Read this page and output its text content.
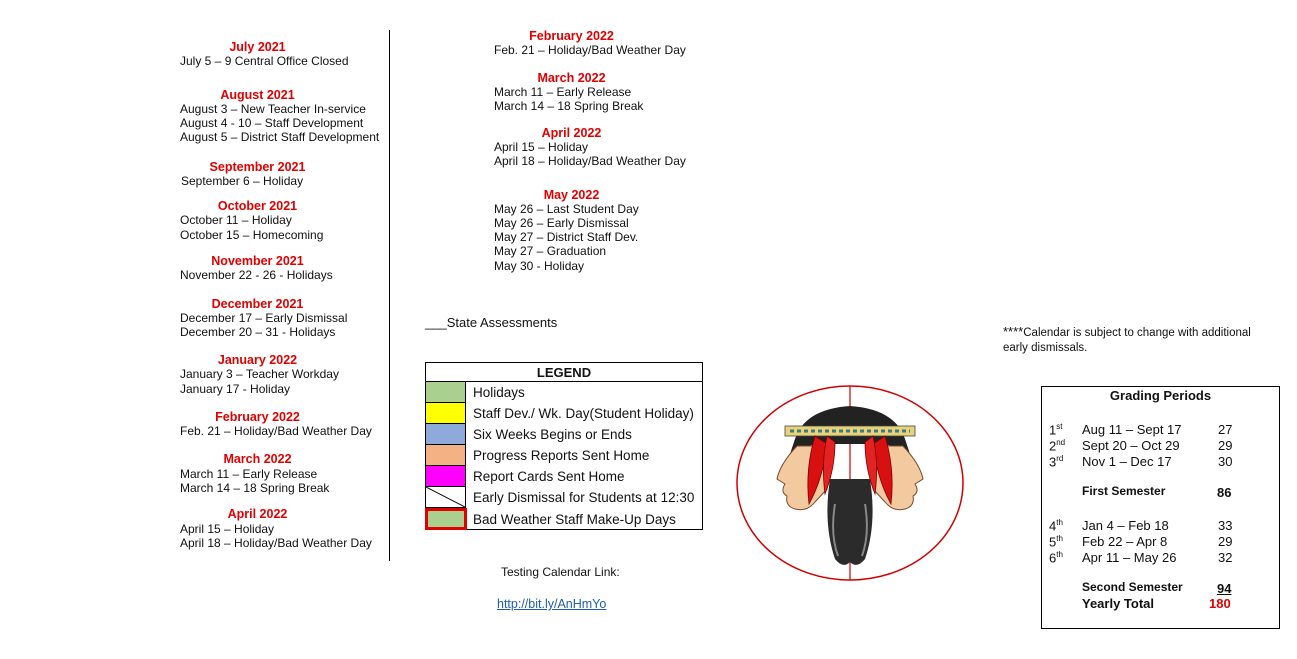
July 2021
July 5 – 9 Central Office Closed
August 2021
August 3 – New Teacher In-service
August 4 - 10 – Staff Development
August 5 – District Staff Development
September 2021
September 6 – Holiday
October 2021
October 11 – Holiday
October 15 – Homecoming
November 2021
November 22 - 26 - Holidays
December 2021
December 17 – Early Dismissal
December 20 – 31 - Holidays
January 2022
January 3 – Teacher Workday
January 17 - Holiday
February 2022
Feb. 21 – Holiday/Bad Weather Day
March 2022
March 11 – Early Release
March 14 – 18 Spring Break
April 2022
April 15 – Holiday
April 18 – Holiday/Bad Weather Day
February 2022
Feb. 21 – Holiday/Bad Weather Day
March 2022
March 11 – Early Release
March 14 – 18 Spring Break
April 2022
April 15 – Holiday
April 18 – Holiday/Bad Weather Day
May 2022
May 26 – Last Student Day
May 26 – Early Dismissal
May 27 – District Staff Dev.
May 27 – Graduation
May 30 - Holiday
___State Assessments
LEGEND
Holidays
Staff Dev./ Wk. Day(Student Holiday)
Six Weeks Begins or Ends
Progress Reports Sent Home
Report Cards Sent Home
Early Dismissal for Students at 12:30
Bad Weather Staff Make-Up Days
Testing Calendar Link:
http://bit.ly/AnHmYo
****Calendar is subject to change with additional
early dismissals.
Grading Periods
1st Aug 11 – Sept 17	27
2nd Sept 20 – Oct 29	29
3rd Nov 1 – Dec 17	30
First Semester	86
4th Jan 4 – Feb 18	33
5th Feb 22 – Apr 8	29
6th Apr 11 – May 26	32
Second Semester	94
Yearly Total	180
